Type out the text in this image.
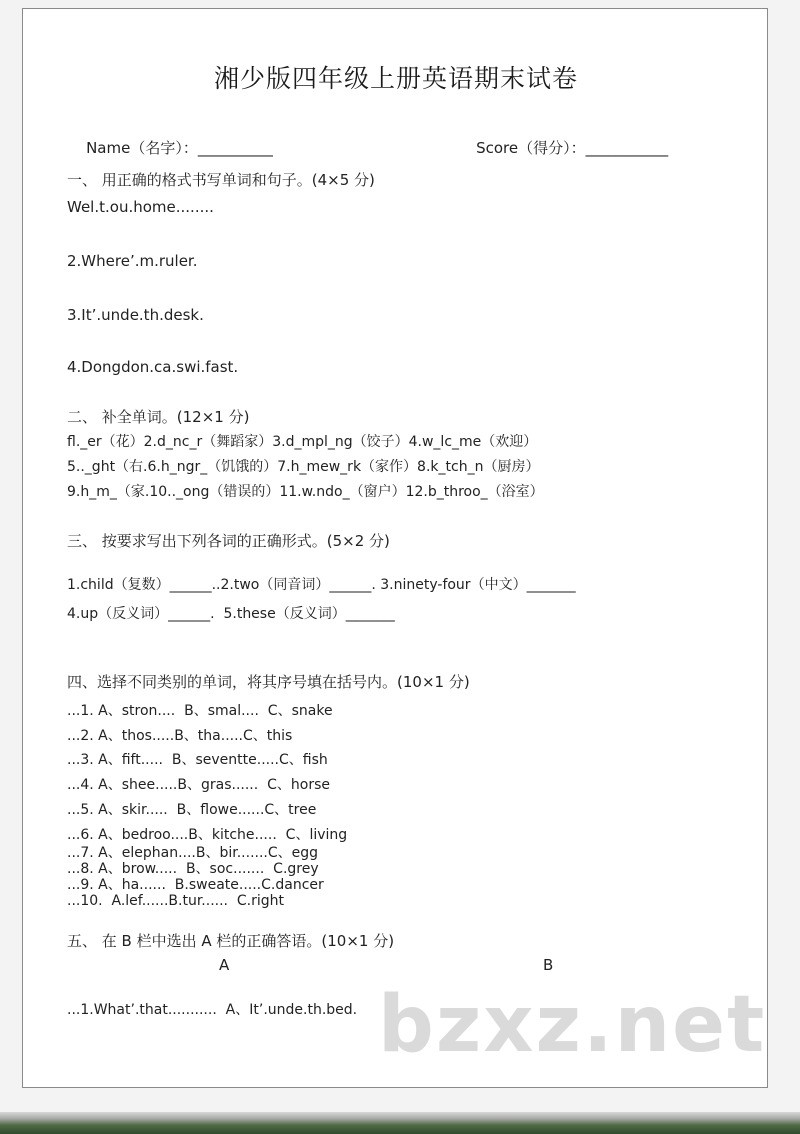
湘少版四年级上册英语期末试卷

Name（名字）：__________
	Score（得分）：___________

一、 用正确的格式书写单词和句子。(4×5 分)
Wel.t.ou.home........
2.Where’.m.ruler.
3.It’.unde.th.desk.
4.Dongdon.ca.swi.fast.
二、 补全单词。(12×1 分)
fl._er（花）2.d_nc_r（舞蹈家）3.d_mpl_ng（饺子）4.w_lc_me（欢迎）
5.._ght（右.6.h_ngr_（饥饿的）7.h_mew_rk（家作）8.k_tch_n（厨房）
9.h_m_（家.10.._ong（错误的）11.w.ndo_（窗户）12.b_throo_（浴室）
三、 按要求写出下列各词的正确形式。(5×2 分)
1.child（复数）______..2.two（同音词）______. 3.ninety-four（中文）_______
4.up（反义词）______.  5.these（反义词）_______
四、选择不同类别的单词，将其序号填在括号内。(10×1 分)
...1. A、stron....  B、smal....  C、snake
...2. A、thos.....B、tha.....C、this
...3. A、fift.....  B、seventte.....C、fish
...4. A、shee.....B、gras......  C、horse
...5. A、skir.....  B、flowe......C、tree
...6. A、bedroo....B、kitche.....  C、living
...7. A、elephan....B、bir.......C、egg
...8. A、brow.....  B、soc.......  C.grey
...9. A、ha......  B.sweate.....C.dancer
...10.  A.lef......B.tur......  C.right
五、 在 B 栏中选出 A 栏的正确答语。(10×1 分)
A	B
...1.What’.that...........  A、It’.unde.th.bed. bzxz.net
